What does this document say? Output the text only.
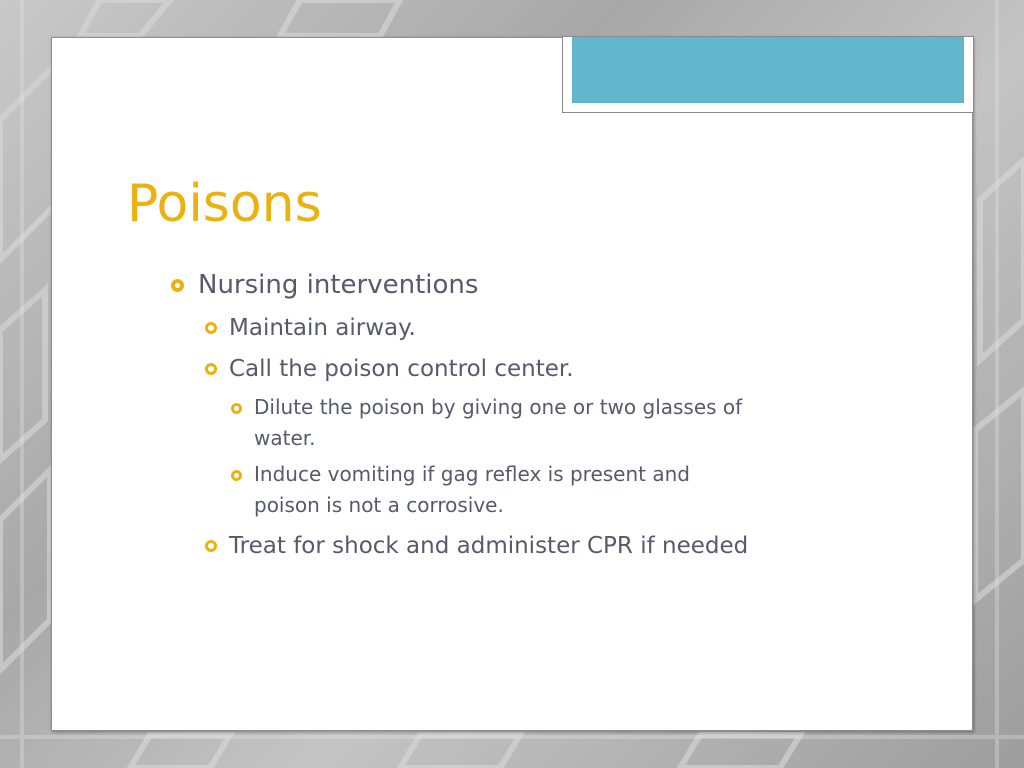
Poisons
Nursing interventions
Maintain airway.
Call the poison control center.
Dilute the poison by giving one or two glasses of
water.
Induce vomiting if gag reflex is present and
poison is not a corrosive.
Treat for shock and administer CPR if needed
